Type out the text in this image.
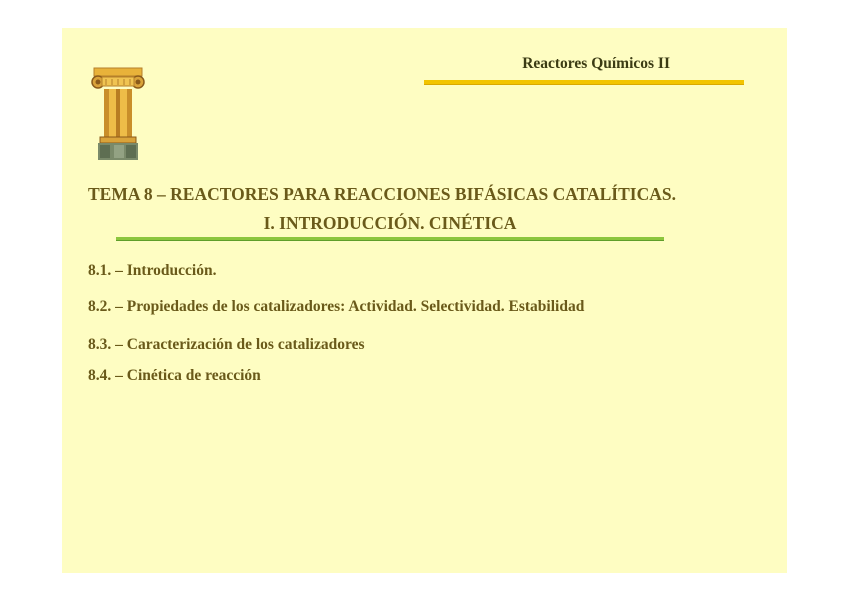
Reactores Químicos II
TEMA 8 – REACTORES PARA REACCIONES BIFÁSICAS CATALÍTICAS.
I. INTRODUCCIÓN. CINÉTICA
8.1. – Introducción.
8.2. – Propiedades de los catalizadores: Actividad. Selectividad. Estabilidad
8.3. – Caracterización de los catalizadores
8.4. – Cinética de reacción
